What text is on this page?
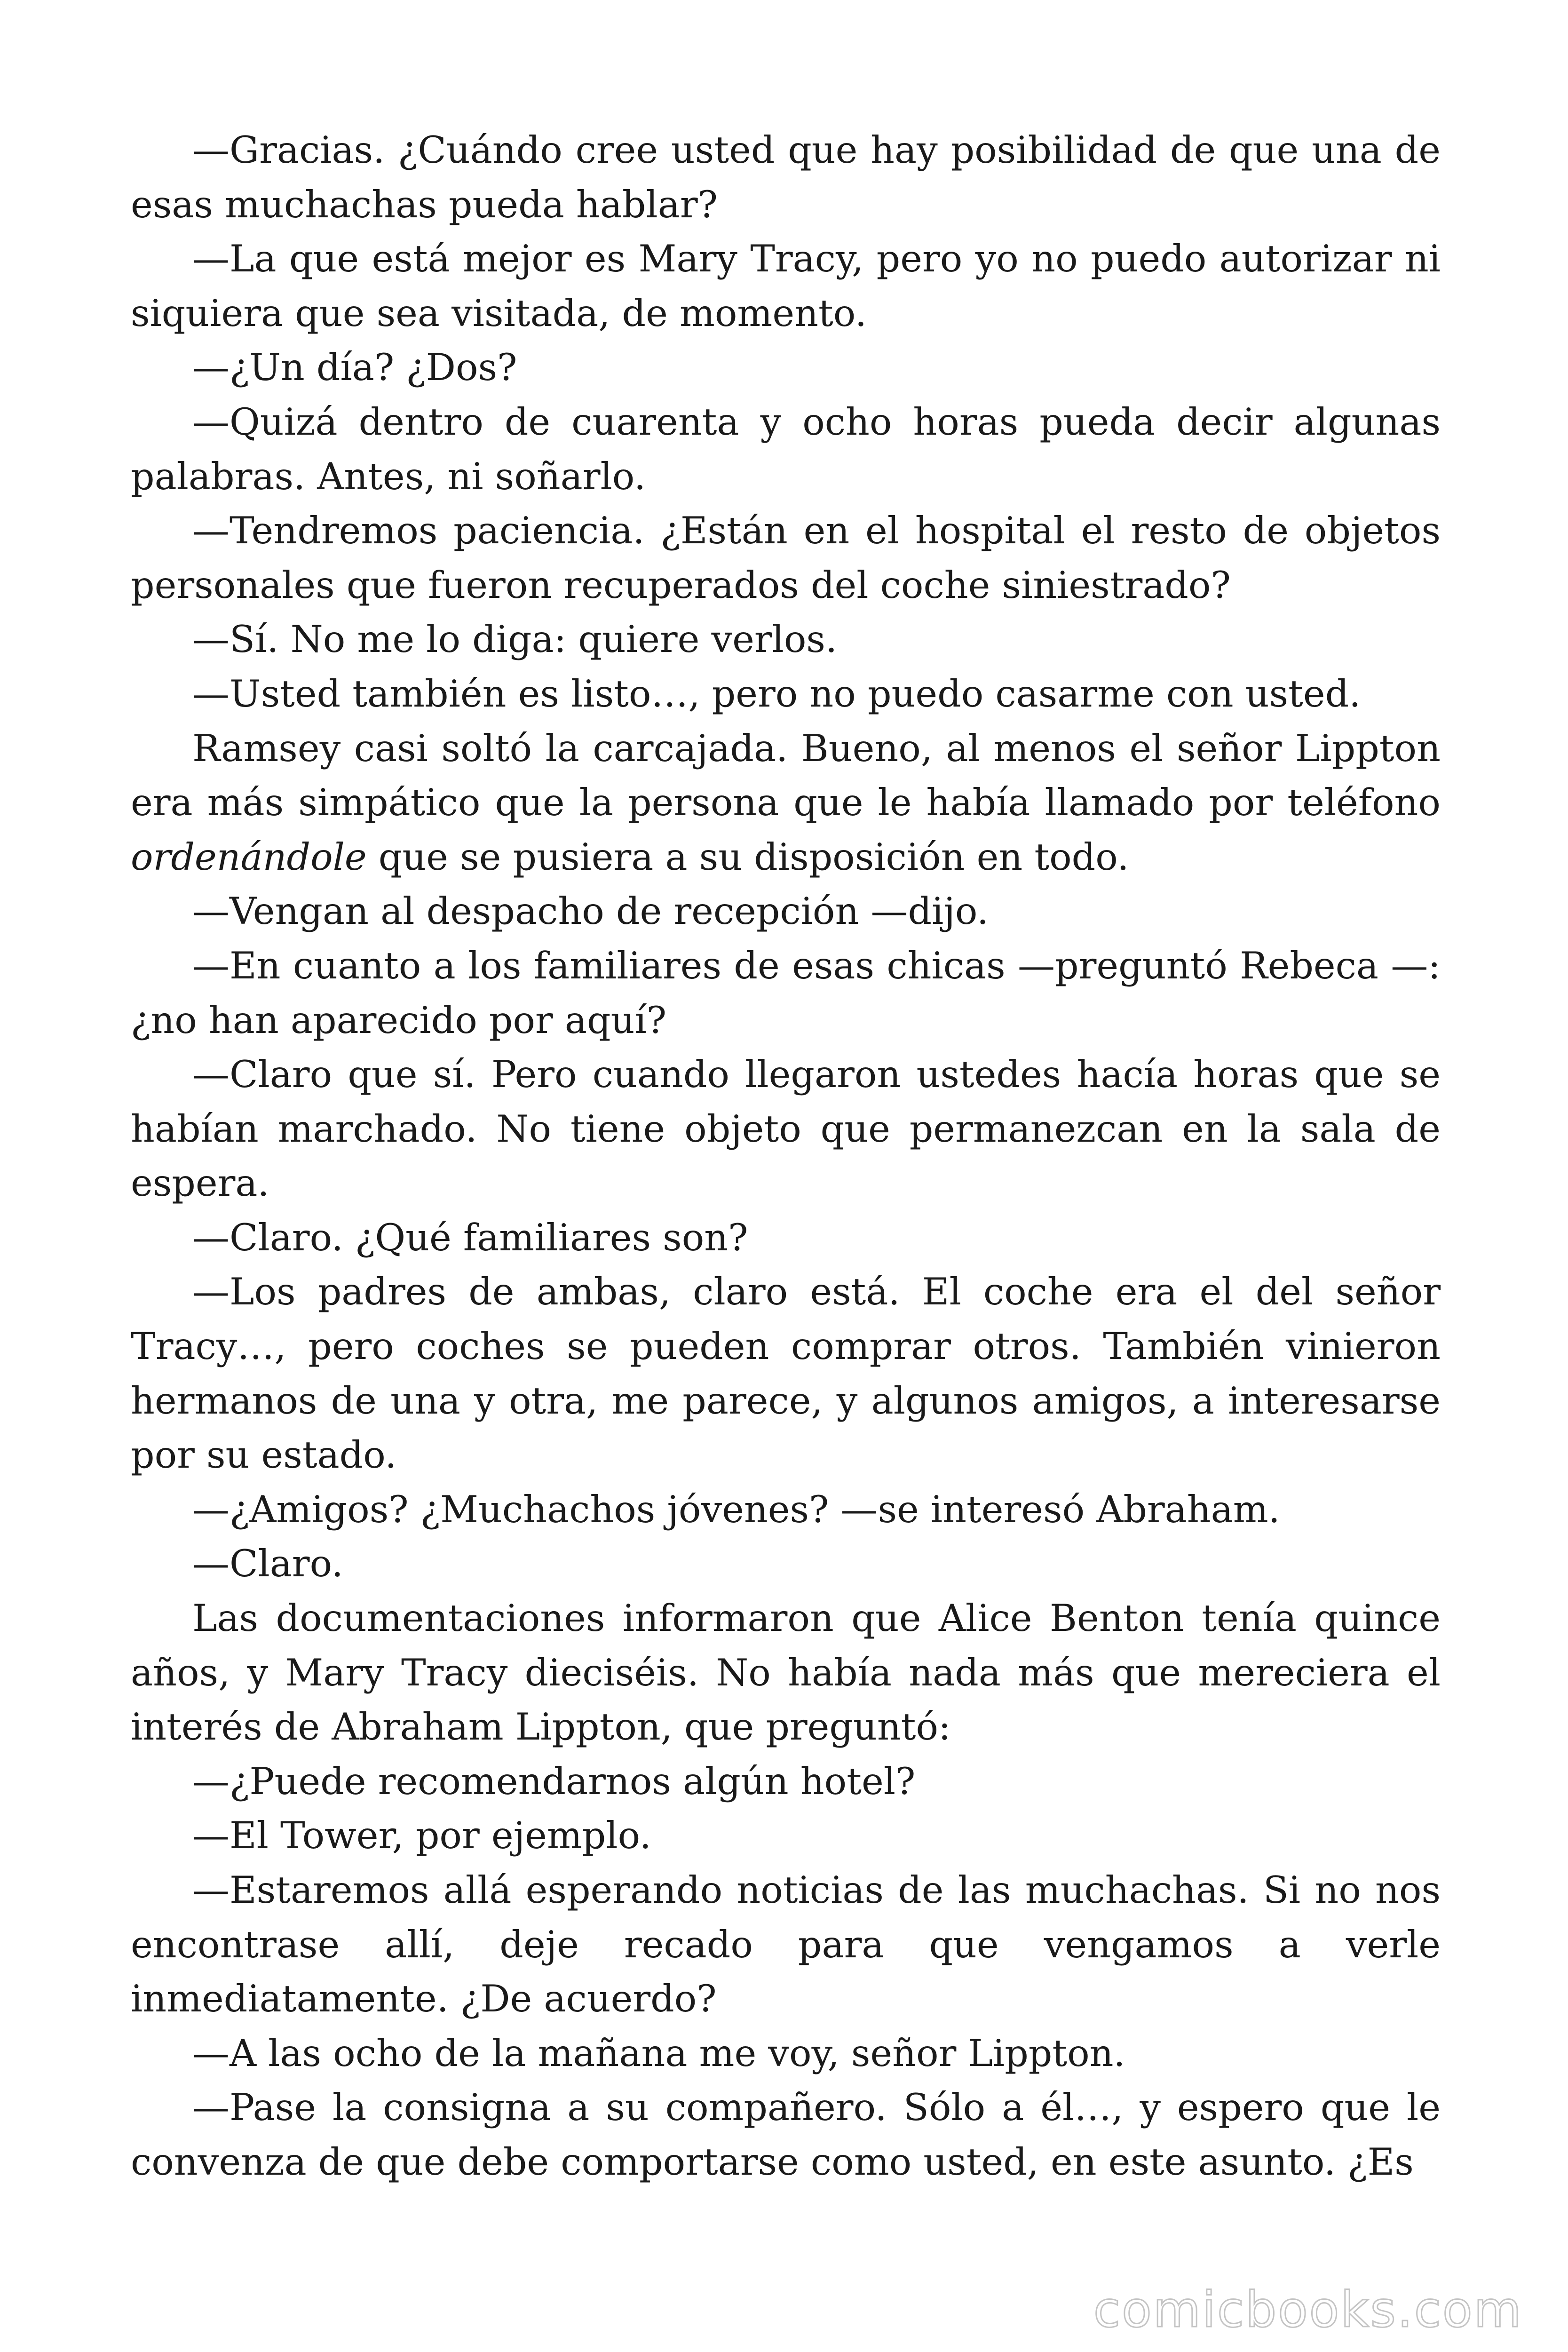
—Gracias. ¿Cuándo cree usted que hay posibilidad de que una de esas muchachas pueda hablar?

—La que está mejor es Mary Tracy, pero yo no puedo autorizar ni siquiera que sea visitada, de momento.

—¿Un día? ¿Dos?

—Quizá dentro de cuarenta y ocho horas pueda decir algunas palabras. Antes, ni soñarlo.

—Tendremos paciencia. ¿Están en el hospital el resto de objetos personales que fueron recuperados del coche siniestrado?

—Sí. No me lo diga: quiere verlos.

—Usted también es listo…, pero no puedo casarme con usted.

Ramsey casi soltó la carcajada. Bueno, al menos el señor Lippton era más simpático que la persona que le había llamado por teléfono ordenándole que se pusiera a su disposición en todo.

—Vengan al despacho de recepción —dijo.

—En cuanto a los familiares de esas chicas —preguntó Rebeca —: ¿no han aparecido por aquí?

—Claro que sí. Pero cuando llegaron ustedes hacía horas que se habían marchado. No tiene objeto que permanezcan en la sala de espera.

—Claro. ¿Qué familiares son?

—Los padres de ambas, claro está. El coche era el del señor Tracy…, pero coches se pueden comprar otros. También vinieron hermanos de una y otra, me parece, y algunos amigos, a interesarse por su estado.

—¿Amigos? ¿Muchachos jóvenes? —se interesó Abraham.

—Claro.

Las documentaciones informaron que Alice Benton tenía quince años, y Mary Tracy dieciséis. No había nada más que mereciera el interés de Abraham Lippton, que preguntó:

—¿Puede recomendarnos algún hotel?

—El Tower, por ejemplo.

—Estaremos allá esperando noticias de las muchachas. Si no nos encontrase allí, deje recado para que vengamos a verle inmediatamente. ¿De acuerdo?

—A las ocho de la mañana me voy, señor Lippton.

—Pase la consigna a su compañero. Sólo a él…, y espero que le convenza de que debe comportarse como usted, en este asunto. ¿Es

comicbooks.com
